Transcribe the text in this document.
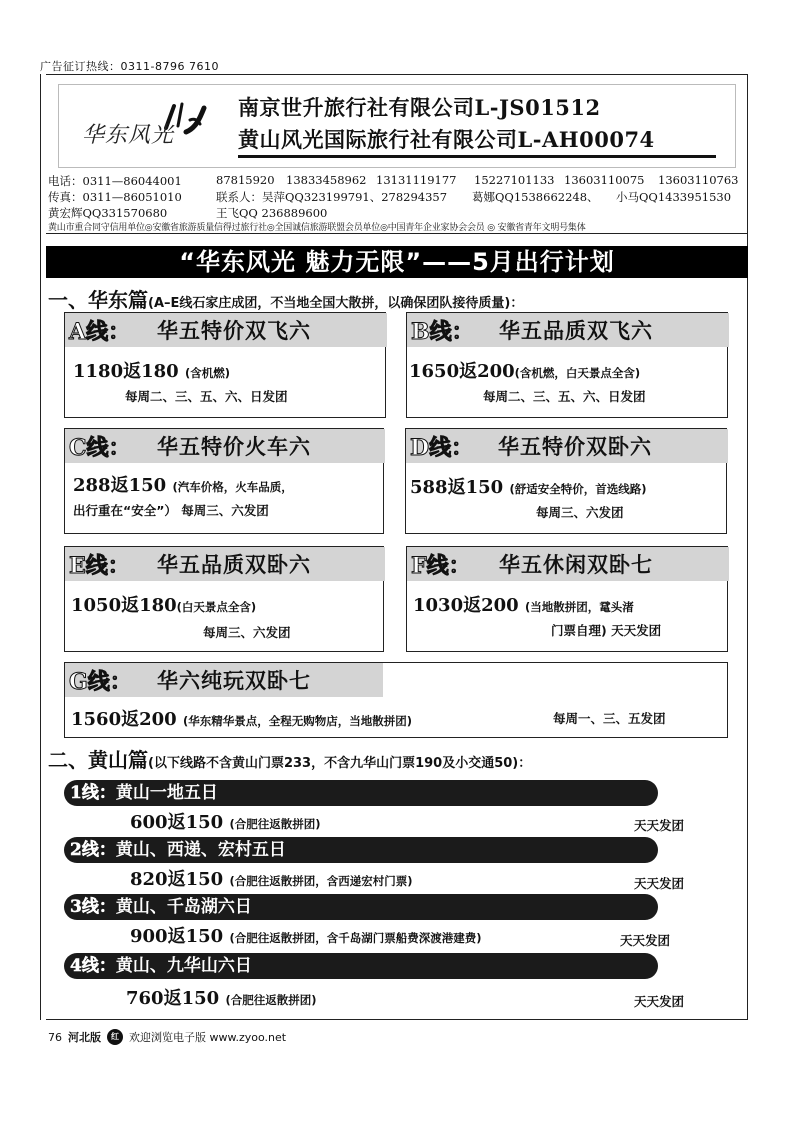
广告征订热线：0311-8796 7610
华东风光
南京世升旅行社有限公司L-JS01512
黄山风光国际旅行社有限公司L-AH00074
电话：0311—86044001	87815920 13833458962 13131119177 15227101133 13603110075 13603110763
传真：0311—86051010	联系人：吴萍QQ323199791、278294357 葛娜QQ1538662248、 小马QQ1433951530
黄宏辉QQ331570680	王飞QQ 236889600
黄山市重合同守信用单位◎安徽省旅游质量信得过旅行社◎全国诚信旅游联盟会员单位◎中国青年企业家协会会员 ◎ 安徽省青年文明号集体
“华东风光 魅力无限”——5月出行计划
一、华东篇(A–E线石家庄成团，不当地全国大散拼，以确保团队接待质量)：
A线：	华五特价双飞六
1180返180 (含机燃)
每周二、三、五、六、日发团
B线：	华五品质双飞六
1650返200(含机燃，白天景点全含)
每周二、三、五、六、日发团
C线：	华五特价火车六
288返150 (汽车价格，火车品质，
出行重在“安全”） 每周三、六发团
D线：	华五特价双卧六
588返150 (舒适安全特价，首选线路)
每周三、六发团
E线：	华五品质双卧六
1050返180(白天景点全含)
每周三、六发团
F线：	华五休闲双卧七
1030返200 (当地散拼团，鼋头渚
门票自理) 天天发团
G线：	华六纯玩双卧七
1560返200 (华东精华景点，全程无购物店，当地散拼团)	每周一、三、五发团
二、黄山篇(以下线路不含黄山门票233，不含九华山门票190及小交通50)：
1线：黄山一地五日
600返150 (合肥往返散拼团)	天天发团
2线：黄山、西递、宏村五日
820返150 (合肥往返散拼团，含西递宏村门票)	天天发团
3线：黄山、千岛湖六日
900返150 (合肥往返散拼团，含千岛湖门票船费深渡港建费)	天天发团
4线：黄山、九华山六日
760返150 (合肥往返散拼团)	天天发团
76 河北版	红 欢迎浏览电子版 www.zyoo.net
